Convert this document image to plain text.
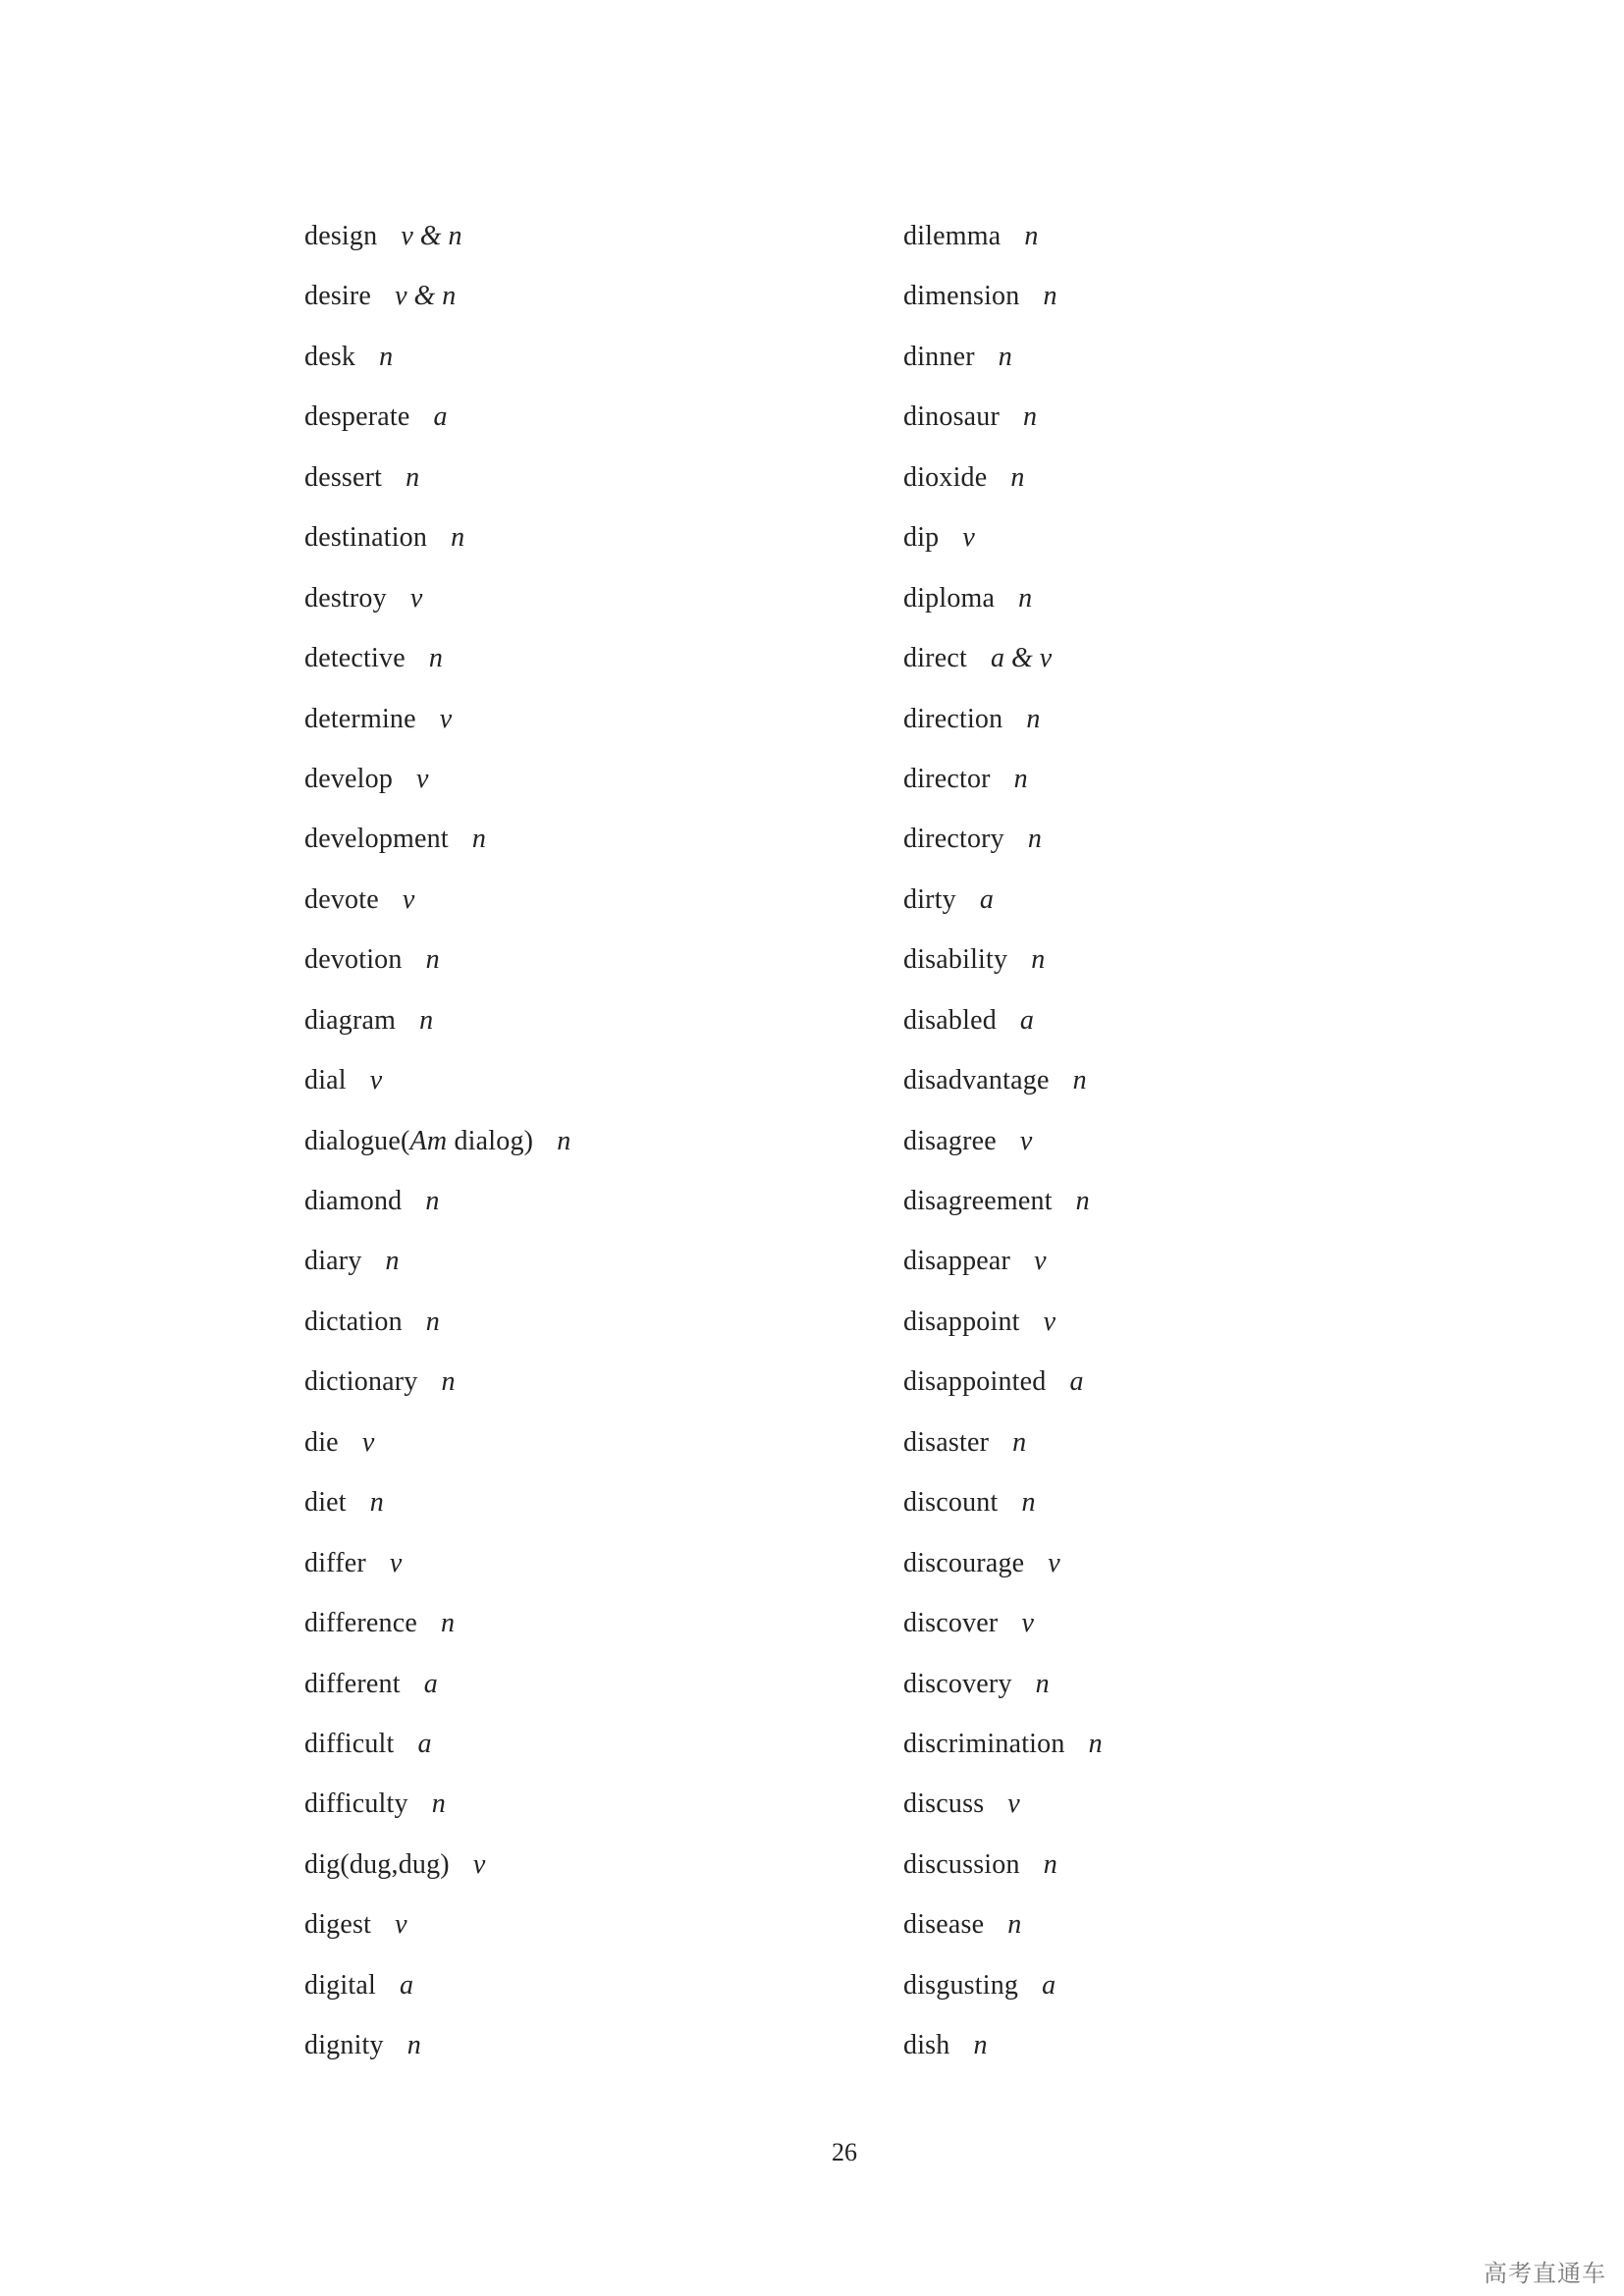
design v & n
desire v & n
desk n
desperate a
dessert n
destination n
destroy v
detective n
determine v
develop v
development n
devote v
devotion n
diagram n
dial v
dialogue(Am dialog) n
diamond n
diary n
dictation n
dictionary n
die v
diet n
differ v
difference n
different a
difficult a
difficulty n
dig(dug,dug) v
digest v
digital a
dignity n
dilemma n
dimension n
dinner n
dinosaur n
dioxide n
dip v
diploma n
direct a & v
direction n
director n
directory n
dirty a
disability n
disabled a
disadvantage n
disagree v
disagreement n
disappear v
disappoint v
disappointed a
disaster n
discount n
discourage v
discover v
discovery n
discrimination n
discuss v
discussion n
disease n
disgusting a
dish n
26
高考直通车
